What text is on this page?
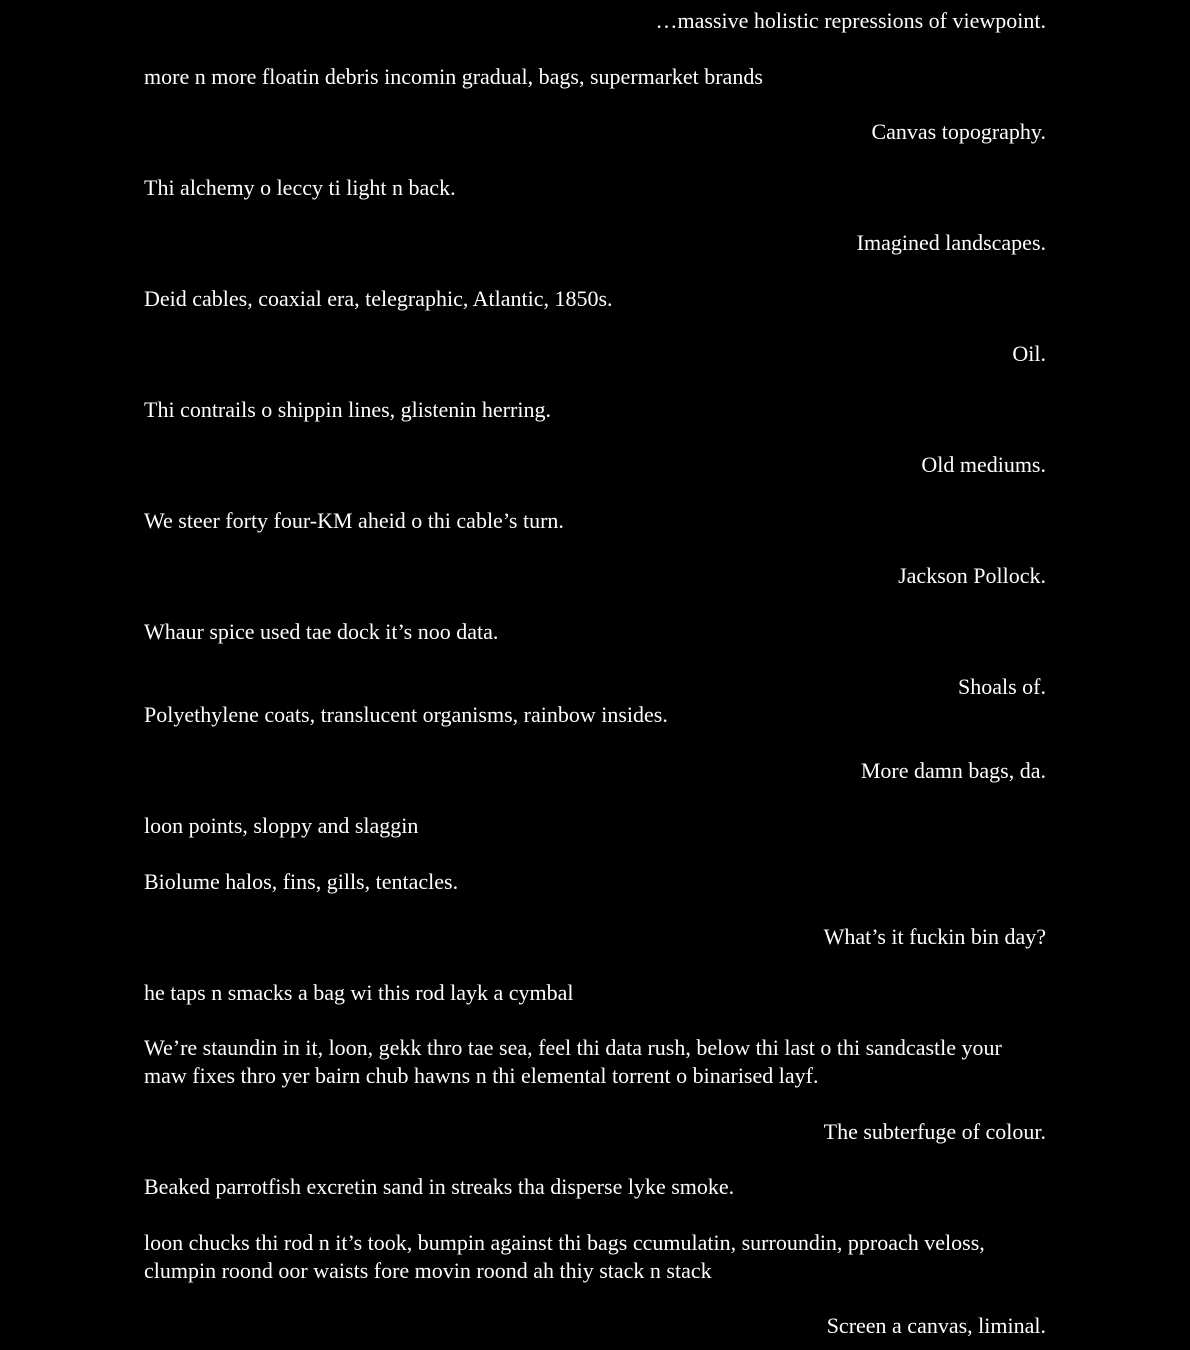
…massive holistic repressions of viewpoint.

more n more floatin debris incomin gradual, bags, supermarket brands

Canvas topography.

Thi alchemy o leccy ti light n back.

Imagined landscapes.

Deid cables, coaxial era, telegraphic, Atlantic, 1850s.

Oil.

Thi contrails o shippin lines, glistenin herring.

Old mediums.

We steer forty four-KM aheid o thi cable’s turn.

Jackson Pollock.

Whaur spice used tae dock it’s noo data.

Shoals of.

Polyethylene coats, translucent organisms, rainbow insides.

More damn bags, da.

loon points, sloppy and slaggin

Biolume halos, fins, gills, tentacles.

What’s it fuckin bin day?

he taps n smacks a bag wi this rod layk a cymbal

We’re staundin in it, loon, gekk thro tae sea, feel thi data rush, below thi last o thi sandcastle your maw fixes thro yer bairn chub hawns n thi elemental torrent o binarised layf.

The subterfuge of colour.

Beaked parrotfish excretin sand in streaks tha disperse lyke smoke.

loon chucks thi rod n it’s took, bumpin against thi bags ccumulatin, surroundin, pproach veloss, clumpin roond oor waists fore movin roond ah thiy stack n stack

Screen a canvas, liminal.
